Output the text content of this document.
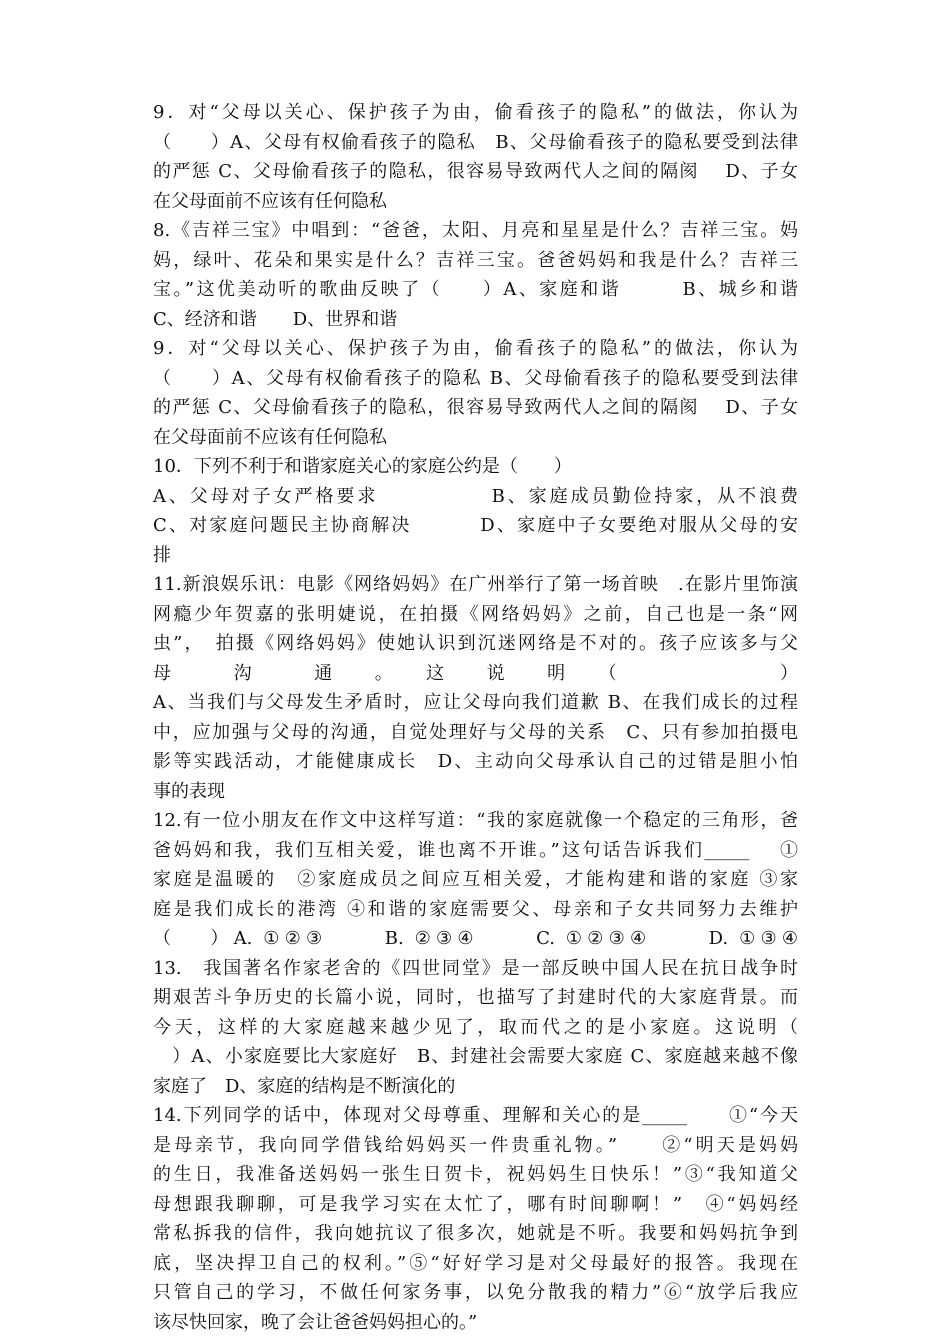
9．对“父母以关心、保护孩子为由，偷看孩子的隐私”的做法，你认为
（　　）A、父母有权偷看孩子的隐私　B、父母偷看孩子的隐私要受到法律
的严惩 C、父母偷看孩子的隐私，很容易导致两代人之间的隔阂　 D、子女
在父母面前不应该有任何隐私
8.《吉祥三宝》中唱到：“爸爸，太阳、月亮和星星是什么？吉祥三宝。妈
妈，绿叶、花朵和果实是什么？吉祥三宝。爸爸妈妈和我是什么？吉祥三
宝。”这优美动听的歌曲反映了（　　）A、家庭和谐　　　B、城乡和谐
C、经济和谐　　D、世界和谐
9．对“父母以关心、保护孩子为由，偷看孩子的隐私”的做法，你认为
（　　）A、父母有权偷看孩子的隐私 B、父母偷看孩子的隐私要受到法律
的严惩 C、父母偷看孩子的隐私，很容易导致两代人之间的隔阂　 D、子女
在父母面前不应该有任何隐私
10．下列不利于和谐家庭关心的家庭公约是（　　）
A、父母对子女严格要求　　　　　 B、家庭成员勤俭持家，从不浪费
C、对家庭问题民主协商解决　　　 D、家庭中子女要绝对服从父母的安
排
11.新浪娱乐讯：电影《网络妈妈》在广州举行了第一场首映　.在影片里饰演
网瘾少年贺嘉的张明婕说，在拍摄《网络妈妈》之前，自己也是一条“网
虫”，　拍摄《网络妈妈》使她认识到沉迷网络是不对的。孩子应该多与父
母　　　沟　　　通　　。　　这　　说　　明　　（　　　　　　　　）
A、当我们与父母发生矛盾时，应让父母向我们道歉 B、在我们成长的过程
中，应加强与父母的沟通，自觉处理好与父母的关系　C、只有参加拍摄电
影等实践活动，才能健康成长　D、主动向父母承认自己的过错是胆小怕
事的表现
12.有一位小朋友在作文中这样写道：“我的家庭就像一个稳定的三角形，爸
爸妈妈和我，我们互相关爱，谁也离不开谁。”这句话告诉我们_____　 ①
家庭是温暖的　②家庭成员之间应互相关爱，才能构建和谐的家庭 ③家
庭是我们成长的港湾 ④和谐的家庭需要父、母亲和子女共同努力去维护
（　 ）A. ①②③　　 B. ②③④　　 C. ①②③④　　 D. ①③④
13.　我国著名作家老舍的《四世同堂》是一部反映中国人民在抗日战争时
期艰苦斗争历史的长篇小说，同时，也描写了封建时代的大家庭背景。而
今天，这样的大家庭越来越少见了，取而代之的是小家庭。这说明（
　）A、小家庭要比大家庭好　B、封建社会需要大家庭 C、家庭越来越不像
家庭了　D、家庭的结构是不断演化的
14.下列同学的话中，体现对父母尊重、理解和关心的是_____　　①“今天
是母亲节，我向同学借钱给妈妈买一件贵重礼物。”　　②“明天是妈妈
的生日，我准备送妈妈一张生日贺卡，祝妈妈生日快乐！”③“我知道父
母想跟我聊聊，可是我学习实在太忙了，哪有时间聊啊！”　④“妈妈经
常私拆我的信件，我向她抗议了很多次，她就是不听。我要和妈妈抗争到
底，坚决捍卫自己的权利。”⑤“好好学习是对父母最好的报答。我现在
只管自己的学习，不做任何家务事，以免分散我的精力”⑥“放学后我应
该尽快回家，晚了会让爸爸妈妈担心的。”
